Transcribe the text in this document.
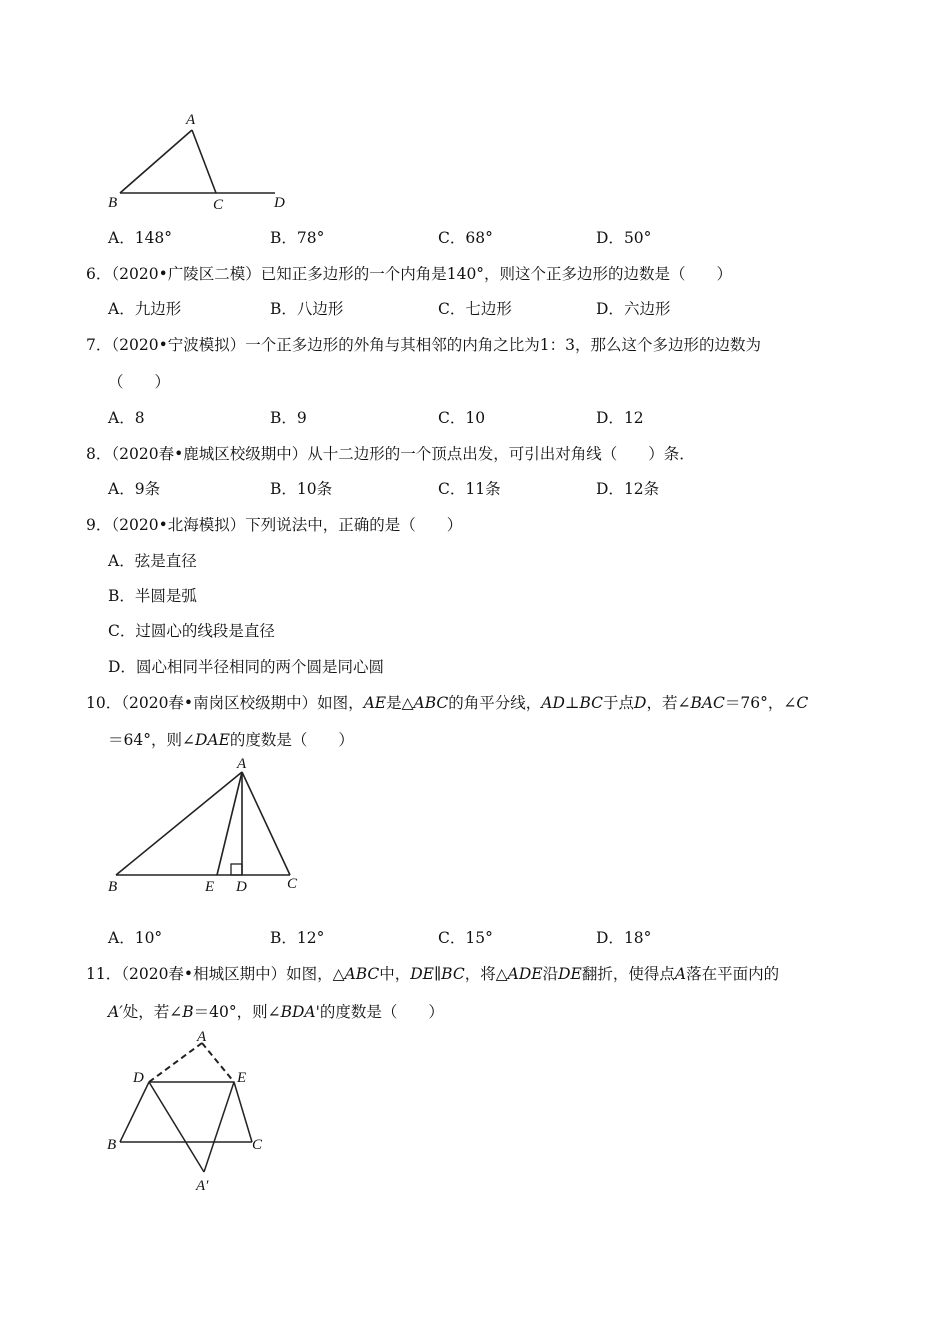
A
B	C	D
A．148°	B．78°	C．68°	D．50°
6．（2020•广陵区二模）已知正多边形的一个内角是140°，则这个正多边形的边数是（　　）
A．九边形	B．八边形	C．七边形	D．六边形
7．（2020•宁波模拟）一个正多边形的外角与其相邻的内角之比为1：3，那么这个多边形的边数为
（　　）
A．8	B．9	C．10	D．12
8．（2020春•鹿城区校级期中）从十二边形的一个顶点出发，可引出对角线（　　）条．
A．9条	B．10条	C．11条	D．12条
9．（2020•北海模拟）下列说法中，正确的是（　　）
A．弦是直径
B．半圆是弧
C．过圆心的线段是直径
D．圆心相同半径相同的两个圆是同心圆
10．（2020春•南岗区校级期中）如图，AE是△ABC的角平分线，AD⊥BC于点D，若∠BAC＝76°，∠C
＝64°，则∠DAE的度数是（　　）
A
B	E D	C
A．10°	B．12°	C．15°	D．18°
11．（2020春•相城区期中）如图，△ABC中，DE∥BC，将△ADE沿DE翻折，使得点A落在平面内的
A′处，若∠B＝40°，则∠BDA'的度数是（　　）
A
D	E
B	C
A′
